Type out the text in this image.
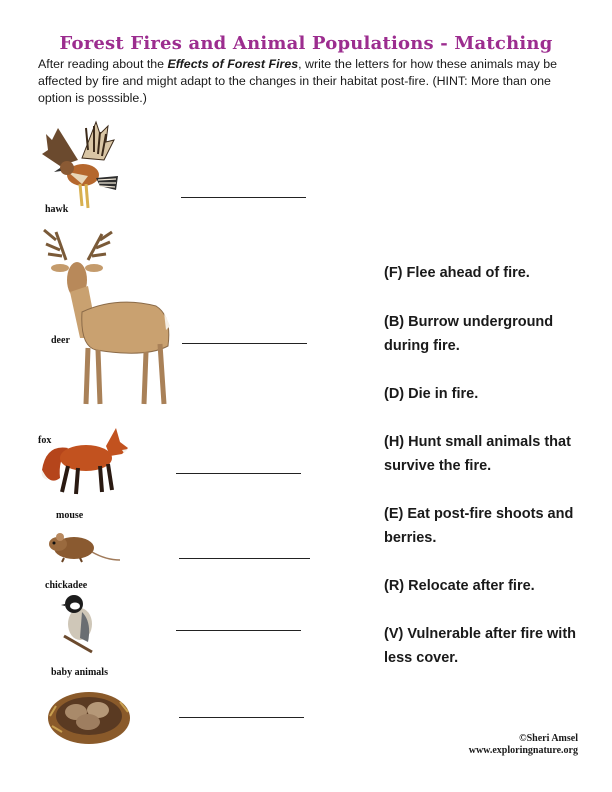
Forest Fires and Animal Populations - Matching
After reading about the Effects of Forest Fires, write the letters for how these animals may be affected by fire and might adapt to the changes in their habitat post-fire. (HINT: More than one option is posssible.)
hawk
deer
fox
mouse
chickadee
baby animals
(F) Flee ahead of fire.
(B) Burrow underground during fire.
(D) Die in fire.
(H) Hunt small animals that survive the fire.
(E) Eat post-fire shoots and berries.
(R) Relocate after fire.
(V) Vulnerable after fire with less cover.
©Sheri Amsel
www.exploringnature.org
